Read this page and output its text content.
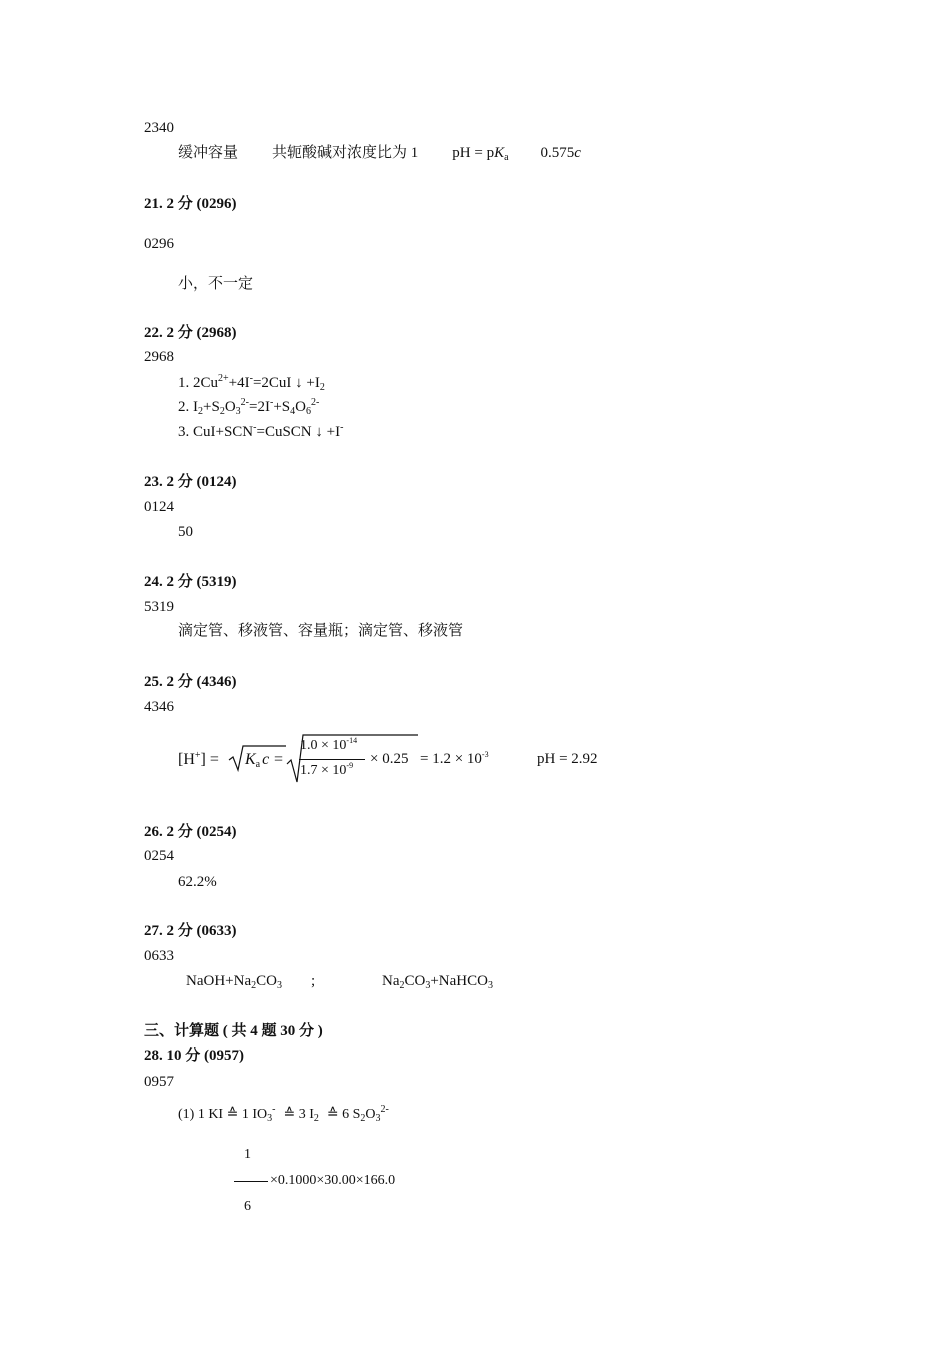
2340
缓冲容量 共轭酸碱对浓度比为 1 pH = $pK_a$ 0.575c
21. 2 分 (0296)
0296
小，不一定
22. 2 分 (2968)
2968
1. $2Cu^{2+}+4I^-=2CuI$ ↓ $+I_2$
2. $I_2+S_2O_3^{2-}=2I^-+S_4O_6^{2-}$
3. CuI+SCN-=CuSCN ↓ +I-
23. 2 分 (0124)
0124
50
24. 2 分 (5319)
5319
滴定管、移液管、容量瓶；滴定管、移液管
25. 2 分 (4346)
4346
$[H^+] = K_a$ c =
$1.0 \times 10^{-14}$
$1.7 \times 10^{-9} \times 0.25 = 1.2 \times 10^{-3}$	pH = 2.92
26. 2 分 (0254)
0254
62.2%
27. 2 分 (0633)
0633
$NaOH+Na_2CO_3$ ;	$Na_2CO_3+NaHCO_3$
三、计算题 ( 共 4 题 30 分 )
28. 10 分 (0957)
0957
(1) 1 KI ≙ 1 $IO_3^-$ ≙ 3 $I_2$ ≙ 6 $S_2O_3^{2-}$
1
×0.1000×30.00×166.0
6
